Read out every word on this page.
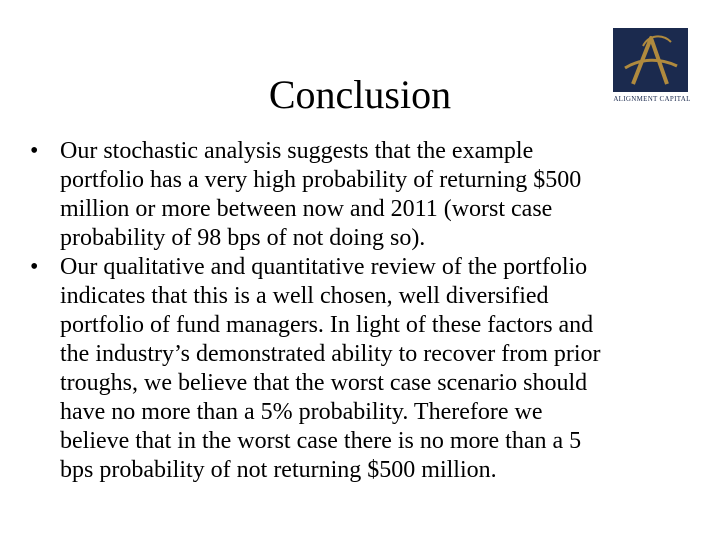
Conclusion	ALIGNMENT CAPITAL
• Our stochastic analysis suggests that the example
portfolio has a very high probability of returning $500
million or more between now and 2011 (worst case
probability of 98 bps of not doing so).
• Our qualitative and quantitative review of the portfolio
indicates that this is a well chosen, well diversified
portfolio of fund managers. In light of these factors and
the industry’s demonstrated ability to recover from prior
troughs, we believe that the worst case scenario should
have no more than a 5% probability. Therefore we
believe that in the worst case there is no more than a 5
bps probability of not returning $500 million.
